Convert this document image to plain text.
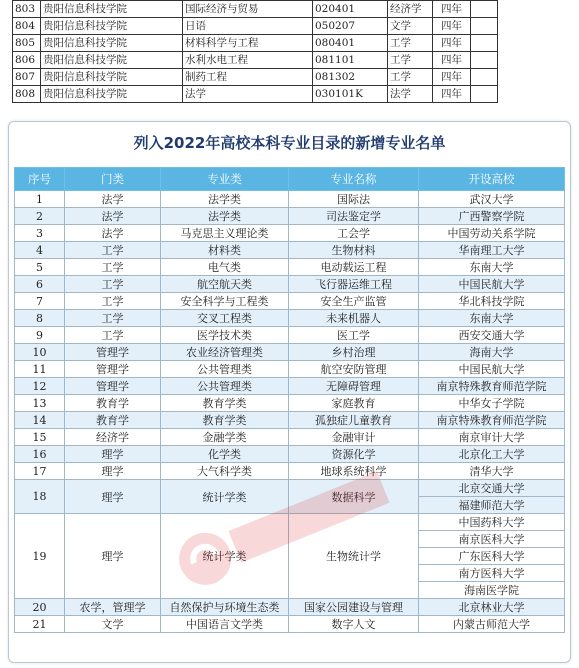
803	贵阳信息科技学院	国际经济与贸易	020401	经济学	四年	
804	贵阳信息科技学院	日语	050207	文学	四年	
805	贵阳信息科技学院	材料科学与工程	080401	工学	四年	
806	贵阳信息科技学院	水利水电工程	081101	工学	四年	
807	贵阳信息科技学院	制药工程	081302	工学	四年	
808	贵阳信息科技学院	法学	030101K	法学	四年	
列入2022年高校本科专业目录的新增专业名单
序号	门类	专业类	专业名称	开设高校
1	法学	法学类	国际法	武汉大学
2	法学	法学类	司法鉴定学	广西警察学院
3	法学	马克思主义理论类	工会学	中国劳动关系学院
4	工学	材料类	生物材料	华南理工大学
5	工学	电气类	电动载运工程	东南大学
6	工学	航空航天类	飞行器运维工程	中国民航大学
7	工学	安全科学与工程类	安全生产监管	华北科技学院
8	工学	交叉工程类	未来机器人	东南大学
9	工学	医学技术类	医工学	西安交通大学
10	管理学	农业经济管理类	乡村治理	海南大学
11	管理学	公共管理类	航空安防管理	中国民航大学
12	管理学	公共管理类	无障碍管理	南京特殊教育师范学院
13	教育学	教育学类	家庭教育	中华女子学院
14	教育学	教育学类	孤独症儿童教育	南京特殊教育师范学院
15	经济学	金融学类	金融审计	南京审计大学
16	理学	化学类	资源化学	北京化工大学
17	理学	大气科学类	地球系统科学	清华大学
18	理学	统计学类	数据科学	北京交通大学
				福建师范大学
19	理学	统计学类	生物统计学	中国药科大学
				南京医科大学
				广东医科大学
				南方医科大学
				海南医学院
20	农学，管理学	自然保护与环境生态类	国家公园建设与管理	北京林业大学
21	文学	中国语言文学类	数字人文	内蒙古师范大学
